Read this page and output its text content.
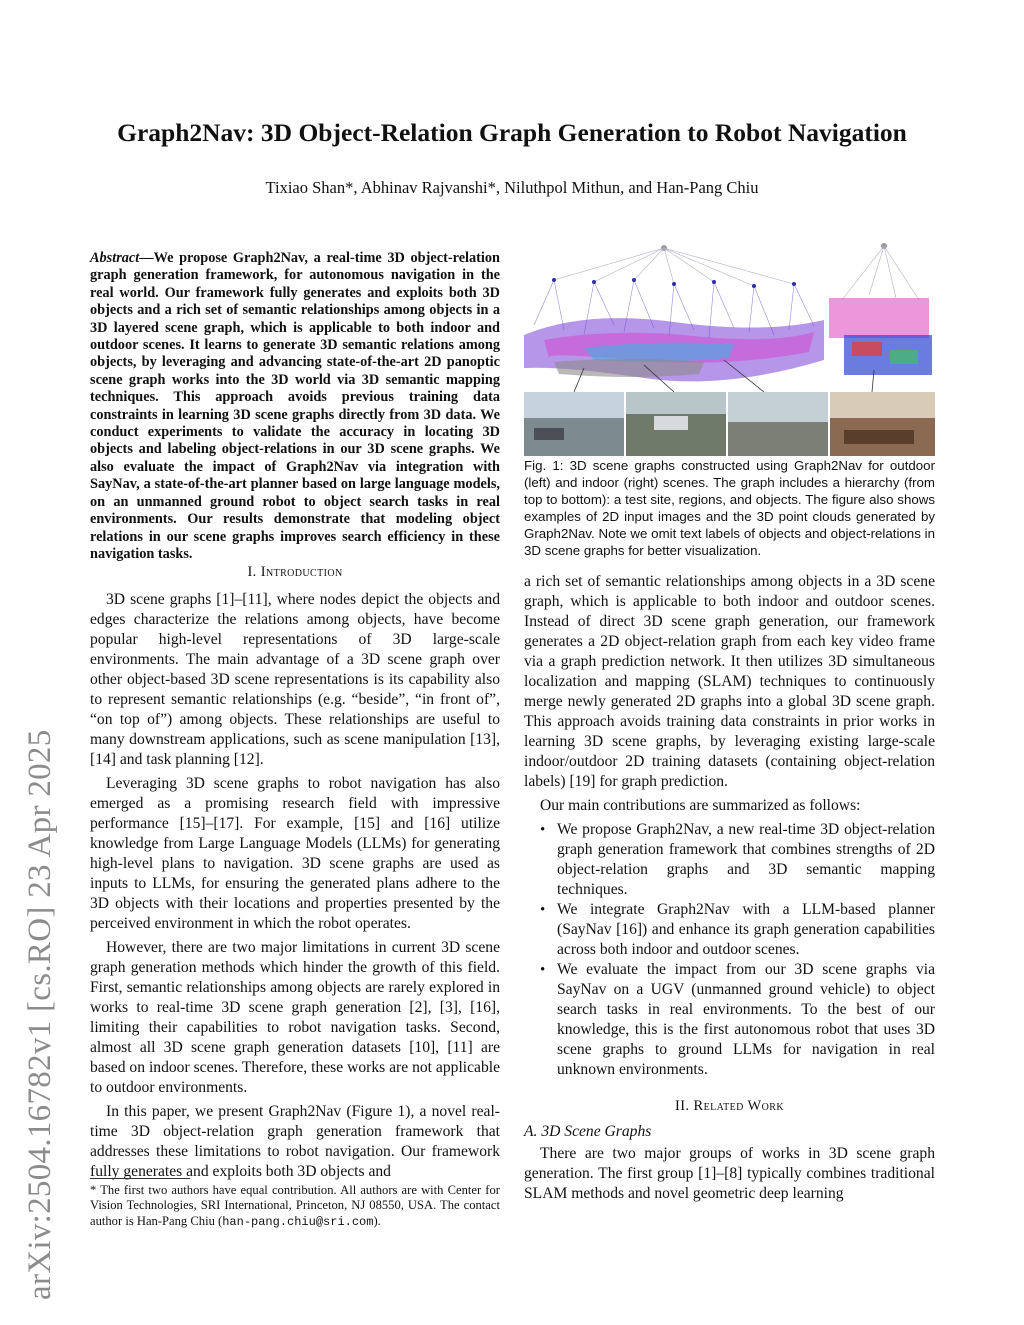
arXiv:2504.16782v1 [cs.RO] 23 Apr 2025
Graph2Nav: 3D Object-Relation Graph Generation to Robot Navigation
Tixiao Shan*, Abhinav Rajvanshi*, Niluthpol Mithun, and Han-Pang Chiu
Abstract—We propose Graph2Nav, a real-time 3D object-relation graph generation framework, for autonomous navigation in the real world. Our framework fully generates and exploits both 3D objects and a rich set of semantic relationships among objects in a 3D layered scene graph, which is applicable to both indoor and outdoor scenes. It learns to generate 3D semantic relations among objects, by leveraging and advancing state-of-the-art 2D panoptic scene graph works into the 3D world via 3D semantic mapping techniques. This approach avoids previous training data constraints in learning 3D scene graphs directly from 3D data. We conduct experiments to validate the accuracy in locating 3D objects and labeling object-relations in our 3D scene graphs. We also evaluate the impact of Graph2Nav via integration with SayNav, a state-of-the-art planner based on large language models, on an unmanned ground robot to object search tasks in real environments. Our results demonstrate that modeling object relations in our scene graphs improves search efficiency in these navigation tasks.

I. Introduction

3D scene graphs [1]–[11], where nodes depict the objects and edges characterize the relations among objects, have become popular high-level representations of 3D large-scale environments. The main advantage of a 3D scene graph over other object-based 3D scene representations is its capability also to represent semantic relationships (e.g. “beside”, “in front of”, “on top of”) among objects. These relationships are useful to many downstream applications, such as scene manipulation [13], [14] and task planning [12].

Leveraging 3D scene graphs to robot navigation has also emerged as a promising research field with impressive performance [15]–[17]. For example, [15] and [16] utilize knowledge from Large Language Models (LLMs) for generating high-level plans to navigation. 3D scene graphs are used as inputs to LLMs, for ensuring the generated plans adhere to the 3D objects with their locations and properties presented by the perceived environment in which the robot operates.

However, there are two major limitations in current 3D scene graph generation methods which hinder the growth of this field. First, semantic relationships among objects are rarely explored in works to real-time 3D scene graph generation [2], [3], [16], limiting their capabilities to robot navigation tasks. Second, almost all 3D scene graph generation datasets [10], [11] are based on indoor scenes. Therefore, these works are not applicable to outdoor environments.

In this paper, we present Graph2Nav (Figure 1), a novel real-time 3D object-relation graph generation framework that addresses these limitations to robot navigation. Our framework fully generates and exploits both 3D objects and

* The first two authors have equal contribution. All authors are with Center for Vision Technologies, SRI International, Princeton, NJ 08550, USA. The contact author is Han-Pang Chiu (han-pang.chiu@sri.com).
Fig. 1: 3D scene graphs constructed using Graph2Nav for outdoor (left) and indoor (right) scenes. The graph includes a hierarchy (from top to bottom): a test site, regions, and objects. The figure also shows examples of 2D input images and the 3D point clouds generated by Graph2Nav. Note we omit text labels of objects and object-relations in 3D scene graphs for better visualization.

a rich set of semantic relationships among objects in a 3D scene graph, which is applicable to both indoor and outdoor scenes. Instead of direct 3D scene graph generation, our framework generates a 2D object-relation graph from each key video frame via a graph prediction network. It then utilizes 3D simultaneous localization and mapping (SLAM) techniques to continuously merge newly generated 2D graphs into a global 3D scene graph. This approach avoids training data constraints in prior works in learning 3D scene graphs, by leveraging existing large-scale indoor/outdoor 2D training datasets (containing object-relation labels) [19] for graph prediction.

Our main contributions are summarized as follows:

• We propose Graph2Nav, a new real-time 3D object-relation graph generation framework that combines strengths of 2D object-relation graphs and 3D semantic mapping techniques.
• We integrate Graph2Nav with a LLM-based planner (SayNav [16]) and enhance its graph generation capabilities across both indoor and outdoor scenes.
• We evaluate the impact from our 3D scene graphs via SayNav on a UGV (unmanned ground vehicle) to object search tasks in real environments. To the best of our knowledge, this is the first autonomous robot that uses 3D scene graphs to ground LLMs for navigation in real unknown environments.

II. Related Work

A. 3D Scene Graphs

There are two major groups of works in 3D scene graph generation. The first group [1]–[8] typically combines traditional SLAM methods and novel geometric deep learning
